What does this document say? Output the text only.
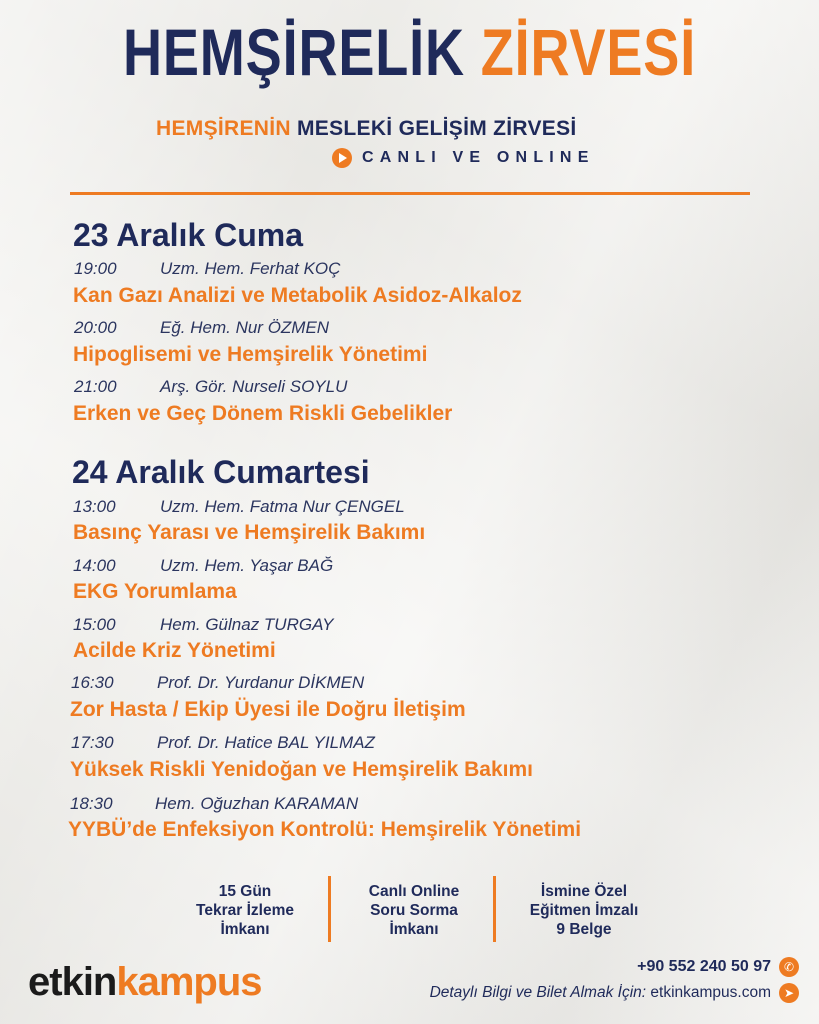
HEMŞİRELİK ZİRVESİ
HEMŞİRENİN MESLEKİ GELİŞİM ZİRVESİ
CANLI VE ONLINE
23 Aralık Cuma
19:00	Uzm. Hem. Ferhat KOÇ
Kan Gazı Analizi ve Metabolik Asidoz-Alkaloz
20:00	Eğ. Hem. Nur ÖZMEN
Hipoglisemi ve Hemşirelik Yönetimi
21:00	Arş. Gör. Nurseli SOYLU
Erken ve Geç Dönem Riskli Gebelikler
24 Aralık Cumartesi
13:00	Uzm. Hem. Fatma Nur ÇENGEL
Basınç Yarası ve Hemşirelik Bakımı
14:00	Uzm. Hem. Yaşar BAĞ
EKG Yorumlama
15:00	Hem. Gülnaz TURGAY
Acilde Kriz Yönetimi
16:30	Prof. Dr. Yurdanur DİKMEN
Zor Hasta / Ekip Üyesi ile Doğru İletişim
17:30	Prof. Dr. Hatice BAL YILMAZ
Yüksek Riskli Yenidoğan ve Hemşirelik Bakımı
18:30 Hem. Oğuzhan KARAMAN
YYBÜ’de Enfeksiyon Kontrolü: Hemşirelik Yönetimi
15 Gün
Tekrar İzleme
İmkanı
Canlı Online
Soru Sorma
İmkanı
İsmine Özel
Eğitmen İmzalı
9 Belge
etkinkampus	+90 552 240 50 97	✆
Detaylı Bilgi ve Bilet Almak İçin: etkinkampus.com	➤
